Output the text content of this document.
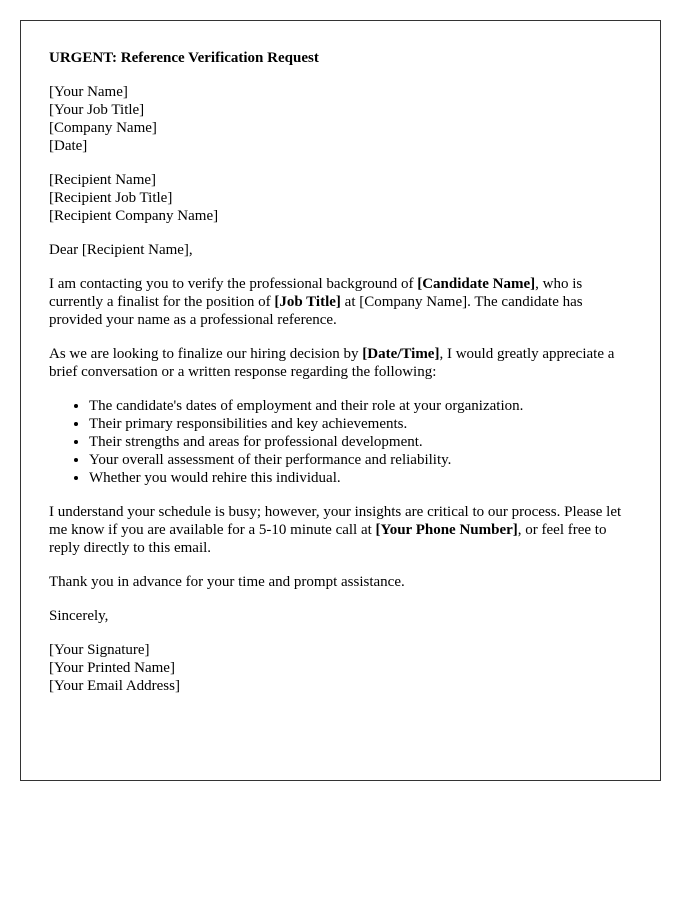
URGENT: Reference Verification Request

[Your Name]
[Your Job Title]
[Company Name]
[Date]

[Recipient Name]
[Recipient Job Title]
[Recipient Company Name]

Dear [Recipient Name],

I am contacting you to verify the professional background of [Candidate Name], who is currently a finalist for the position of [Job Title] at [Company Name]. The candidate has provided your name as a professional reference.

As we are looking to finalize our hiring decision by [Date/Time], I would greatly appreciate a brief conversation or a written response regarding the following:

• The candidate's dates of employment and their role at your organization.
• Their primary responsibilities and key achievements.
• Their strengths and areas for professional development.
• Your overall assessment of their performance and reliability.
• Whether you would rehire this individual.

I understand your schedule is busy; however, your insights are critical to our process. Please let me know if you are available for a 5-10 minute call at [Your Phone Number], or feel free to reply directly to this email.

Thank you in advance for your time and prompt assistance.

Sincerely,

[Your Signature]
[Your Printed Name]
[Your Email Address]
